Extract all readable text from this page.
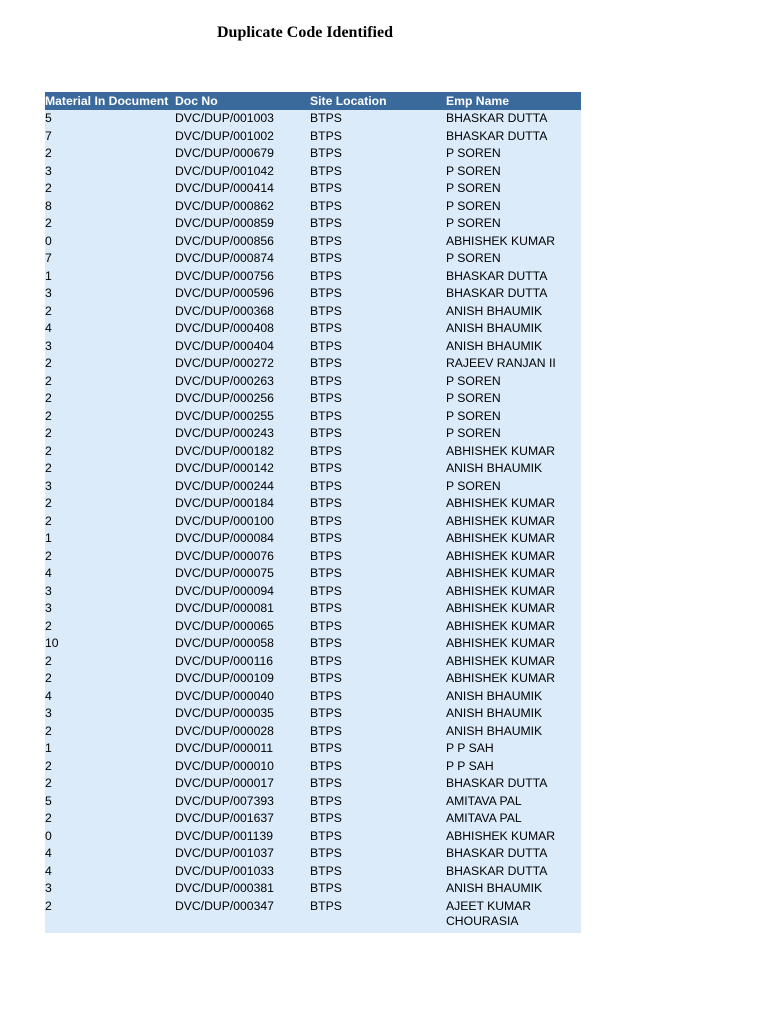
Duplicate Code Identified
Material In Document	Doc No	Site Location	Emp Name
5	DVC/DUP/001003	BTPS	BHASKAR DUTTA
7	DVC/DUP/001002	BTPS	BHASKAR DUTTA
2	DVC/DUP/000679	BTPS	P SOREN
3	DVC/DUP/001042	BTPS	P SOREN
2	DVC/DUP/000414	BTPS	P SOREN
8	DVC/DUP/000862	BTPS	P SOREN
2	DVC/DUP/000859	BTPS	P SOREN
0	DVC/DUP/000856	BTPS	ABHISHEK KUMAR
7	DVC/DUP/000874	BTPS	P SOREN
1	DVC/DUP/000756	BTPS	BHASKAR DUTTA
3	DVC/DUP/000596	BTPS	BHASKAR DUTTA
2	DVC/DUP/000368	BTPS	ANISH BHAUMIK
4	DVC/DUP/000408	BTPS	ANISH BHAUMIK
3	DVC/DUP/000404	BTPS	ANISH BHAUMIK
2	DVC/DUP/000272	BTPS	RAJEEV RANJAN II
2	DVC/DUP/000263	BTPS	P SOREN
2	DVC/DUP/000256	BTPS	P SOREN
2	DVC/DUP/000255	BTPS	P SOREN
2	DVC/DUP/000243	BTPS	P SOREN
2	DVC/DUP/000182	BTPS	ABHISHEK KUMAR
2	DVC/DUP/000142	BTPS	ANISH BHAUMIK
3	DVC/DUP/000244	BTPS	P SOREN
2	DVC/DUP/000184	BTPS	ABHISHEK KUMAR
2	DVC/DUP/000100	BTPS	ABHISHEK KUMAR
1	DVC/DUP/000084	BTPS	ABHISHEK KUMAR
2	DVC/DUP/000076	BTPS	ABHISHEK KUMAR
4	DVC/DUP/000075	BTPS	ABHISHEK KUMAR
3	DVC/DUP/000094	BTPS	ABHISHEK KUMAR
3	DVC/DUP/000081	BTPS	ABHISHEK KUMAR
2	DVC/DUP/000065	BTPS	ABHISHEK KUMAR
10	DVC/DUP/000058	BTPS	ABHISHEK KUMAR
2	DVC/DUP/000116	BTPS	ABHISHEK KUMAR
2	DVC/DUP/000109	BTPS	ABHISHEK KUMAR
4	DVC/DUP/000040	BTPS	ANISH BHAUMIK
3	DVC/DUP/000035	BTPS	ANISH BHAUMIK
2	DVC/DUP/000028	BTPS	ANISH BHAUMIK
1	DVC/DUP/000011	BTPS	P P SAH
2	DVC/DUP/000010	BTPS	P P SAH
2	DVC/DUP/000017	BTPS	BHASKAR DUTTA
5	DVC/DUP/007393	BTPS	AMITAVA PAL
2	DVC/DUP/001637	BTPS	AMITAVA PAL
0	DVC/DUP/001139	BTPS	ABHISHEK KUMAR
4	DVC/DUP/001037	BTPS	BHASKAR DUTTA
4	DVC/DUP/001033	BTPS	BHASKAR DUTTA
3	DVC/DUP/000381	BTPS	ANISH BHAUMIK
2	DVC/DUP/000347	BTPS	AJEET KUMAR CHOURASIA
